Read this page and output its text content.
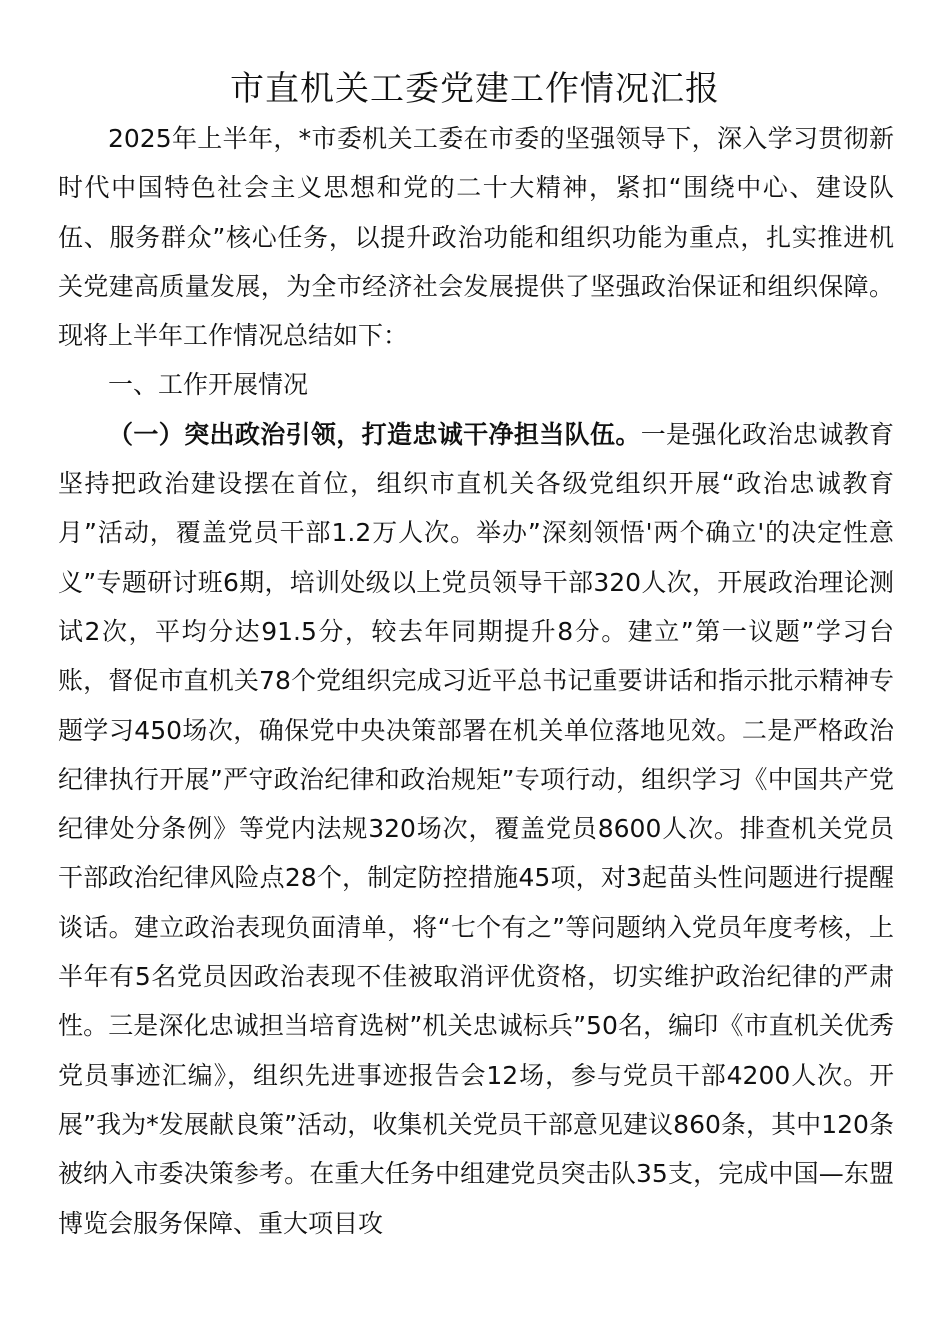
市直机关工委党建工作情况汇报

2025年上半年，*市委机关工委在市委的坚强领导下，深入学习贯彻新时代中国特色社会主义思想和党的二十大精神，紧扣“围绕中心、建设队伍、服务群众”核心任务，以提升政治功能和组织功能为重点，扎实推进机关党建高质量发展，为全市经济社会发展提供了坚强政治保证和组织保障。现将上半年工作情况总结如下：

一、工作开展情况

（一）突出政治引领，打造忠诚干净担当队伍。一是强化政治忠诚教育坚持把政治建设摆在首位，组织市直机关各级党组织开展“政治忠诚教育月”活动，覆盖党员干部1.2万人次。举办”深刻领悟'两个确立'的决定性意义”专题研讨班6期，培训处级以上党员领导干部320人次，开展政治理论测试2次，平均分达91.5分，较去年同期提升8分。建立”第一议题”学习台账，督促市直机关78个党组织完成习近平总书记重要讲话和指示批示精神专题学习450场次，确保党中央决策部署在机关单位落地见效。二是严格政治纪律执行开展”严守政治纪律和政治规矩”专项行动，组织学习《中国共产党纪律处分条例》等党内法规320场次，覆盖党员8600人次。排查机关党员干部政治纪律风险点28个，制定防控措施45项，对3起苗头性问题进行提醒谈话。建立政治表现负面清单，将“七个有之”等问题纳入党员年度考核，上半年有5名党员因政治表现不佳被取消评优资格，切实维护政治纪律的严肃性。三是深化忠诚担当培育选树”机关忠诚标兵”50名，编印《市直机关优秀党员事迹汇编》，组织先进事迹报告会12场，参与党员干部4200人次。开展”我为*发展献良策”活动，收集机关党员干部意见建议860条，其中120条被纳入市委决策参考。在重大任务中组建党员突击队35支，完成中国—东盟博览会服务保障、重大项目攻
